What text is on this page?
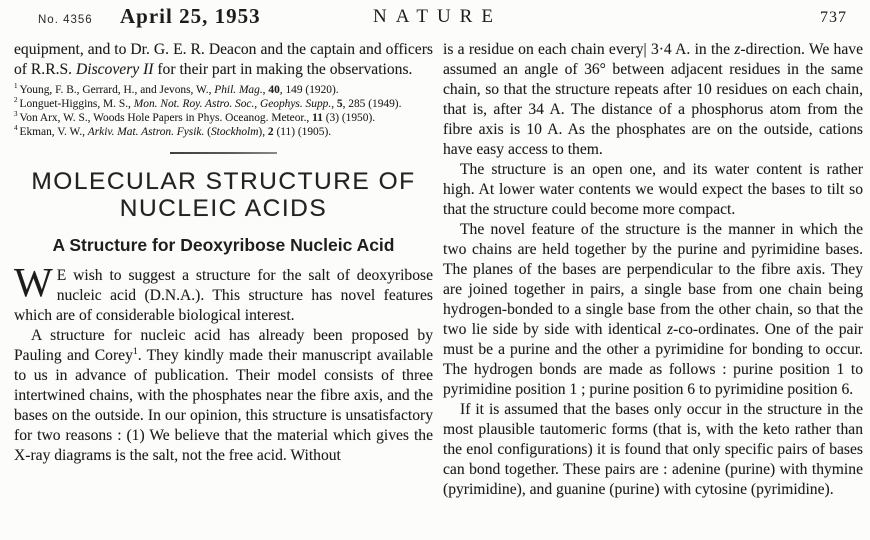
No. 4356 April 25, 1953	NATURE	737

equipment, and to Dr. G. E. R. Deacon and the captain and officers of R.R.S. Discovery II for their part in making the observations.

$^1$ Young, F. B., Gerrard, H., and Jevons, W., Phil. Mag., 40, 149 (1920).
$^2$ Longuet-Higgins, M. S., Mon. Not. Roy. Astro. Soc., Geophys. Supp., 5, 285 (1949).
$^3$ Von Arx, W. S., Woods Hole Papers in Phys. Oceanog. Meteor., 11 (3) (1950).
$^4$ Ekman, V. W., Arkiv. Mat. Astron. Fysik. (Stockholm), 2 (11) (1905).
MOLECULAR STRUCTURE OF
NUCLEIC ACIDS
A Structure for Deoxyribose Nucleic Acid

W E wish to suggest a structure for the salt of deoxyribose nucleic acid (D.N.A.). This structure has novel features which are of considerable biological interest.

A structure for nucleic acid has already been proposed by Pauling and Corey$^1$. They kindly made their manuscript available to us in advance of publication. Their model consists of three intertwined chains, with the phosphates near the fibre axis, and the bases on the outside. In our opinion, this structure is unsatisfactory for two reasons : (1) We believe that the material which gives the X-ray diagrams is the salt, not the free acid. Without

is a residue on each chain every| 3·4 A. in the z-direction. We have assumed an angle of 36° between adjacent residues in the same chain, so that the structure repeats after 10 residues on each chain, that is, after 34 A. The distance of a phosphorus atom from the fibre axis is 10 A. As the phosphates are on the outside, cations have easy access to them.

The structure is an open one, and its water content is rather high. At lower water contents we would expect the bases to tilt so that the structure could become more compact.

The novel feature of the structure is the manner in which the two chains are held together by the purine and pyrimidine bases. The planes of the bases are perpendicular to the fibre axis. They are joined together in pairs, a single base from one chain being hydrogen-bonded to a single base from the other chain, so that the two lie side by side with identical z-co-ordinates. One of the pair must be a purine and the other a pyrimidine for bonding to occur. The hydrogen bonds are made as follows : purine position 1 to pyrimidine position 1 ; purine position 6 to pyrimidine position 6.

If it is assumed that the bases only occur in the structure in the most plausible tautomeric forms (that is, with the keto rather than the enol configurations) it is found that only specific pairs of bases can bond together. These pairs are : adenine (purine) with thymine (pyrimidine), and guanine (purine) with cytosine (pyrimidine).
